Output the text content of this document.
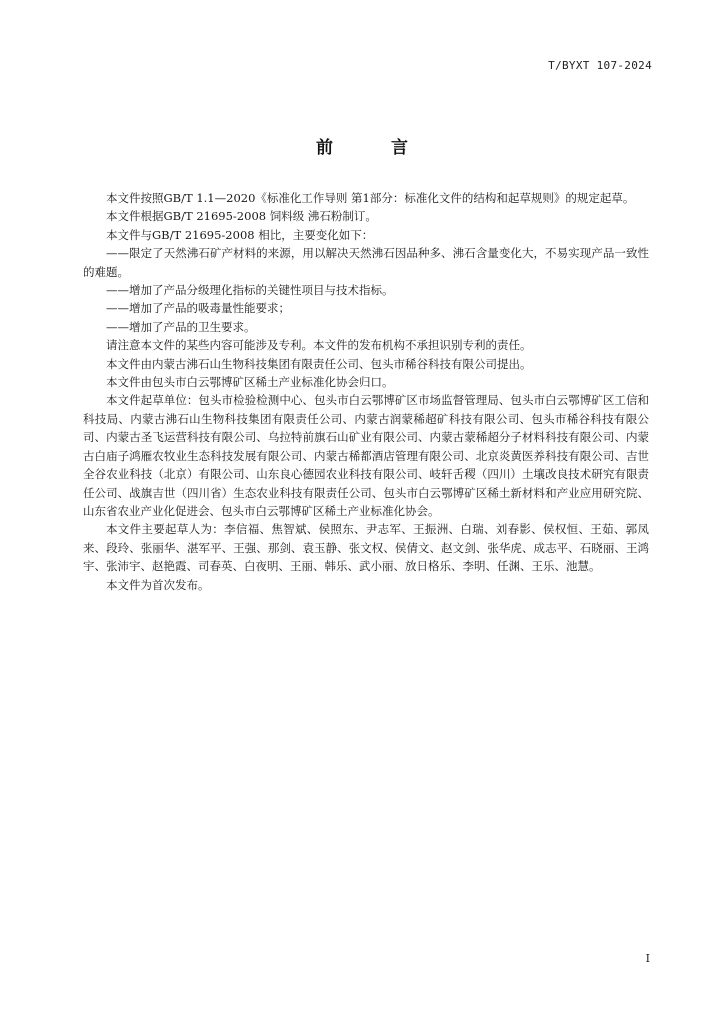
T/BYXT 107-2024
前 言

本文件按照GB/T 1.1—2020《标准化工作导则 第1部分：标准化文件的结构和起草规则》的规定起草。

本文件根据GB/T 21695-2008 饲料级 沸石粉制订。

本文件与GB/T 21695-2008 相比，主要变化如下：

——限定了天然沸石矿产材料的来源，用以解决天然沸石因品种多、沸石含量变化大，不易实现产品一致性的难题。

——增加了产品分级理化指标的关键性项目与技术指标。

——增加了产品的吸毒量性能要求；

——增加了产品的卫生要求。

请注意本文件的某些内容可能涉及专利。本文件的发布机构不承担识别专利的责任。

本文件由内蒙古沸石山生物科技集团有限责任公司、包头市稀谷科技有限公司提出。

本文件由包头市白云鄂博矿区稀土产业标准化协会归口。

本文件起草单位：包头市检验检测中心、包头市白云鄂博矿区市场监督管理局、包头市白云鄂博矿区工信和科技局、内蒙古沸石山生物科技集团有限责任公司、内蒙古润蒙稀超矿科技有限公司、包头市稀谷科技有限公司、内蒙古圣飞运营科技有限公司、乌拉特前旗石山矿业有限公司、内蒙古蒙稀超分子材料科技有限公司、内蒙古白庙子鸿雁农牧业生态科技发展有限公司、内蒙古稀都酒店管理有限公司、北京炎黄医养科技有限公司、吉世全谷农业科技（北京）有限公司、山东良心德园农业科技有限公司、岐轩舌稷（四川）土壤改良技术研究有限责任公司、战旗吉世（四川省）生态农业科技有限责任公司、包头市白云鄂博矿区稀土新材料和产业应用研究院、山东省农业产业化促进会、包头市白云鄂博矿区稀土产业标准化协会。

本文件主要起草人为：李信福、焦智斌、侯照东、尹志军、王振洲、白瑞、刘春影、侯权恒、王茹、郭凤来、段玲、张丽华、湛军平、王强、那剑、袁玉静、张文权、侯倩文、赵文剑、张华虎、成志平、石晓丽、王鸿宇、张沛宇、赵艳霞、司春英、白夜明、王丽、韩乐、武小丽、放日格乐、李明、任渊、王乐、池慧。

本文件为首次发布。

I
